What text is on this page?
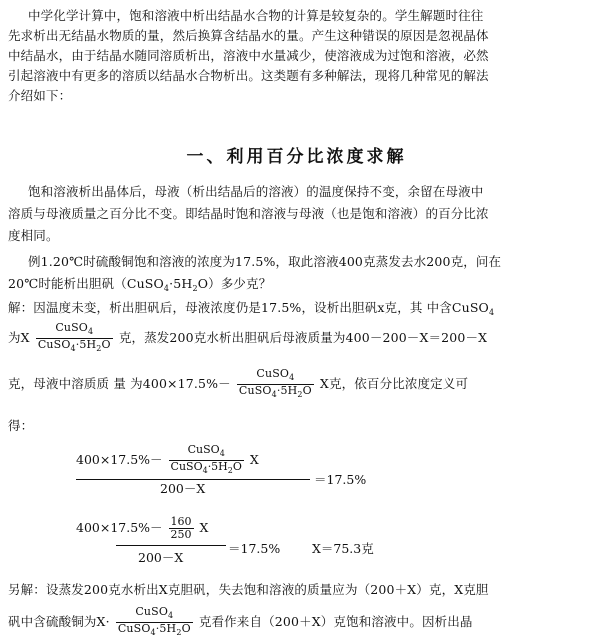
中学化学计算中，饱和溶液中析出结晶水合物的计算是较复杂的。学生解题时往往
先求析出无结晶水物质的量，然后换算含结晶水的量。产生这种错误的原因是忽视晶体
中结晶水，由于结晶水随同溶质析出，溶液中水量减少，使溶液成为过饱和溶液，必然
引起溶液中有更多的溶质以结晶水合物析出。这类题有多种解法，现将几种常见的解法
介绍如下：
一、利用百分比浓度求解
饱和溶液析出晶体后，母液（析出结晶后的溶液）的温度保持不变，余留在母液中
溶质与母液质量之百分比不变。即结晶时饱和溶液与母液（也是饱和溶液）的百分比浓
度相同。
例1.20℃时硫酸铜饱和溶液的浓度为17.5%，取此溶液400克蒸发去水200克，问在
20℃时能析出胆矾$(CuSO_4\cdot 5H_2O)$多少克？
解：因温度未变，析出胆矾后，母液浓度仍是17.5%，设析出胆矾x克，其 中含CuSO$_4$
为X $\frac{CuSO_4}{CuSO_4\cdot 5H_2O}$ 克，蒸发200克水析出胆矾后母液质量为400－200－X＝200－X
克，母液中溶质质 量 为$400\times 17.5\%- \frac{CuSO_4}{CuSO_4\cdot 5H_2O}$ X克，依百分比浓度定义可
得：
$400\times 17.5\%- \frac{CuSO_4}{CuSO_4\cdot 5H_2O}$ X
200－X
＝17.5%
$400\times 17.5\%- \frac{160}{250}$ X
200－X
＝17.5%	X＝75.3克
另解：设蒸发200克水析出X克胆矾，失去饱和溶液的质量应为（200＋X）克，X克胆
矾中含硫酸铜为$X\cdot \frac{CuSO_4}{CuSO_4\cdot 5H_2O}$ 克看作来自（200＋X）克饱和溶液中。因析出晶
